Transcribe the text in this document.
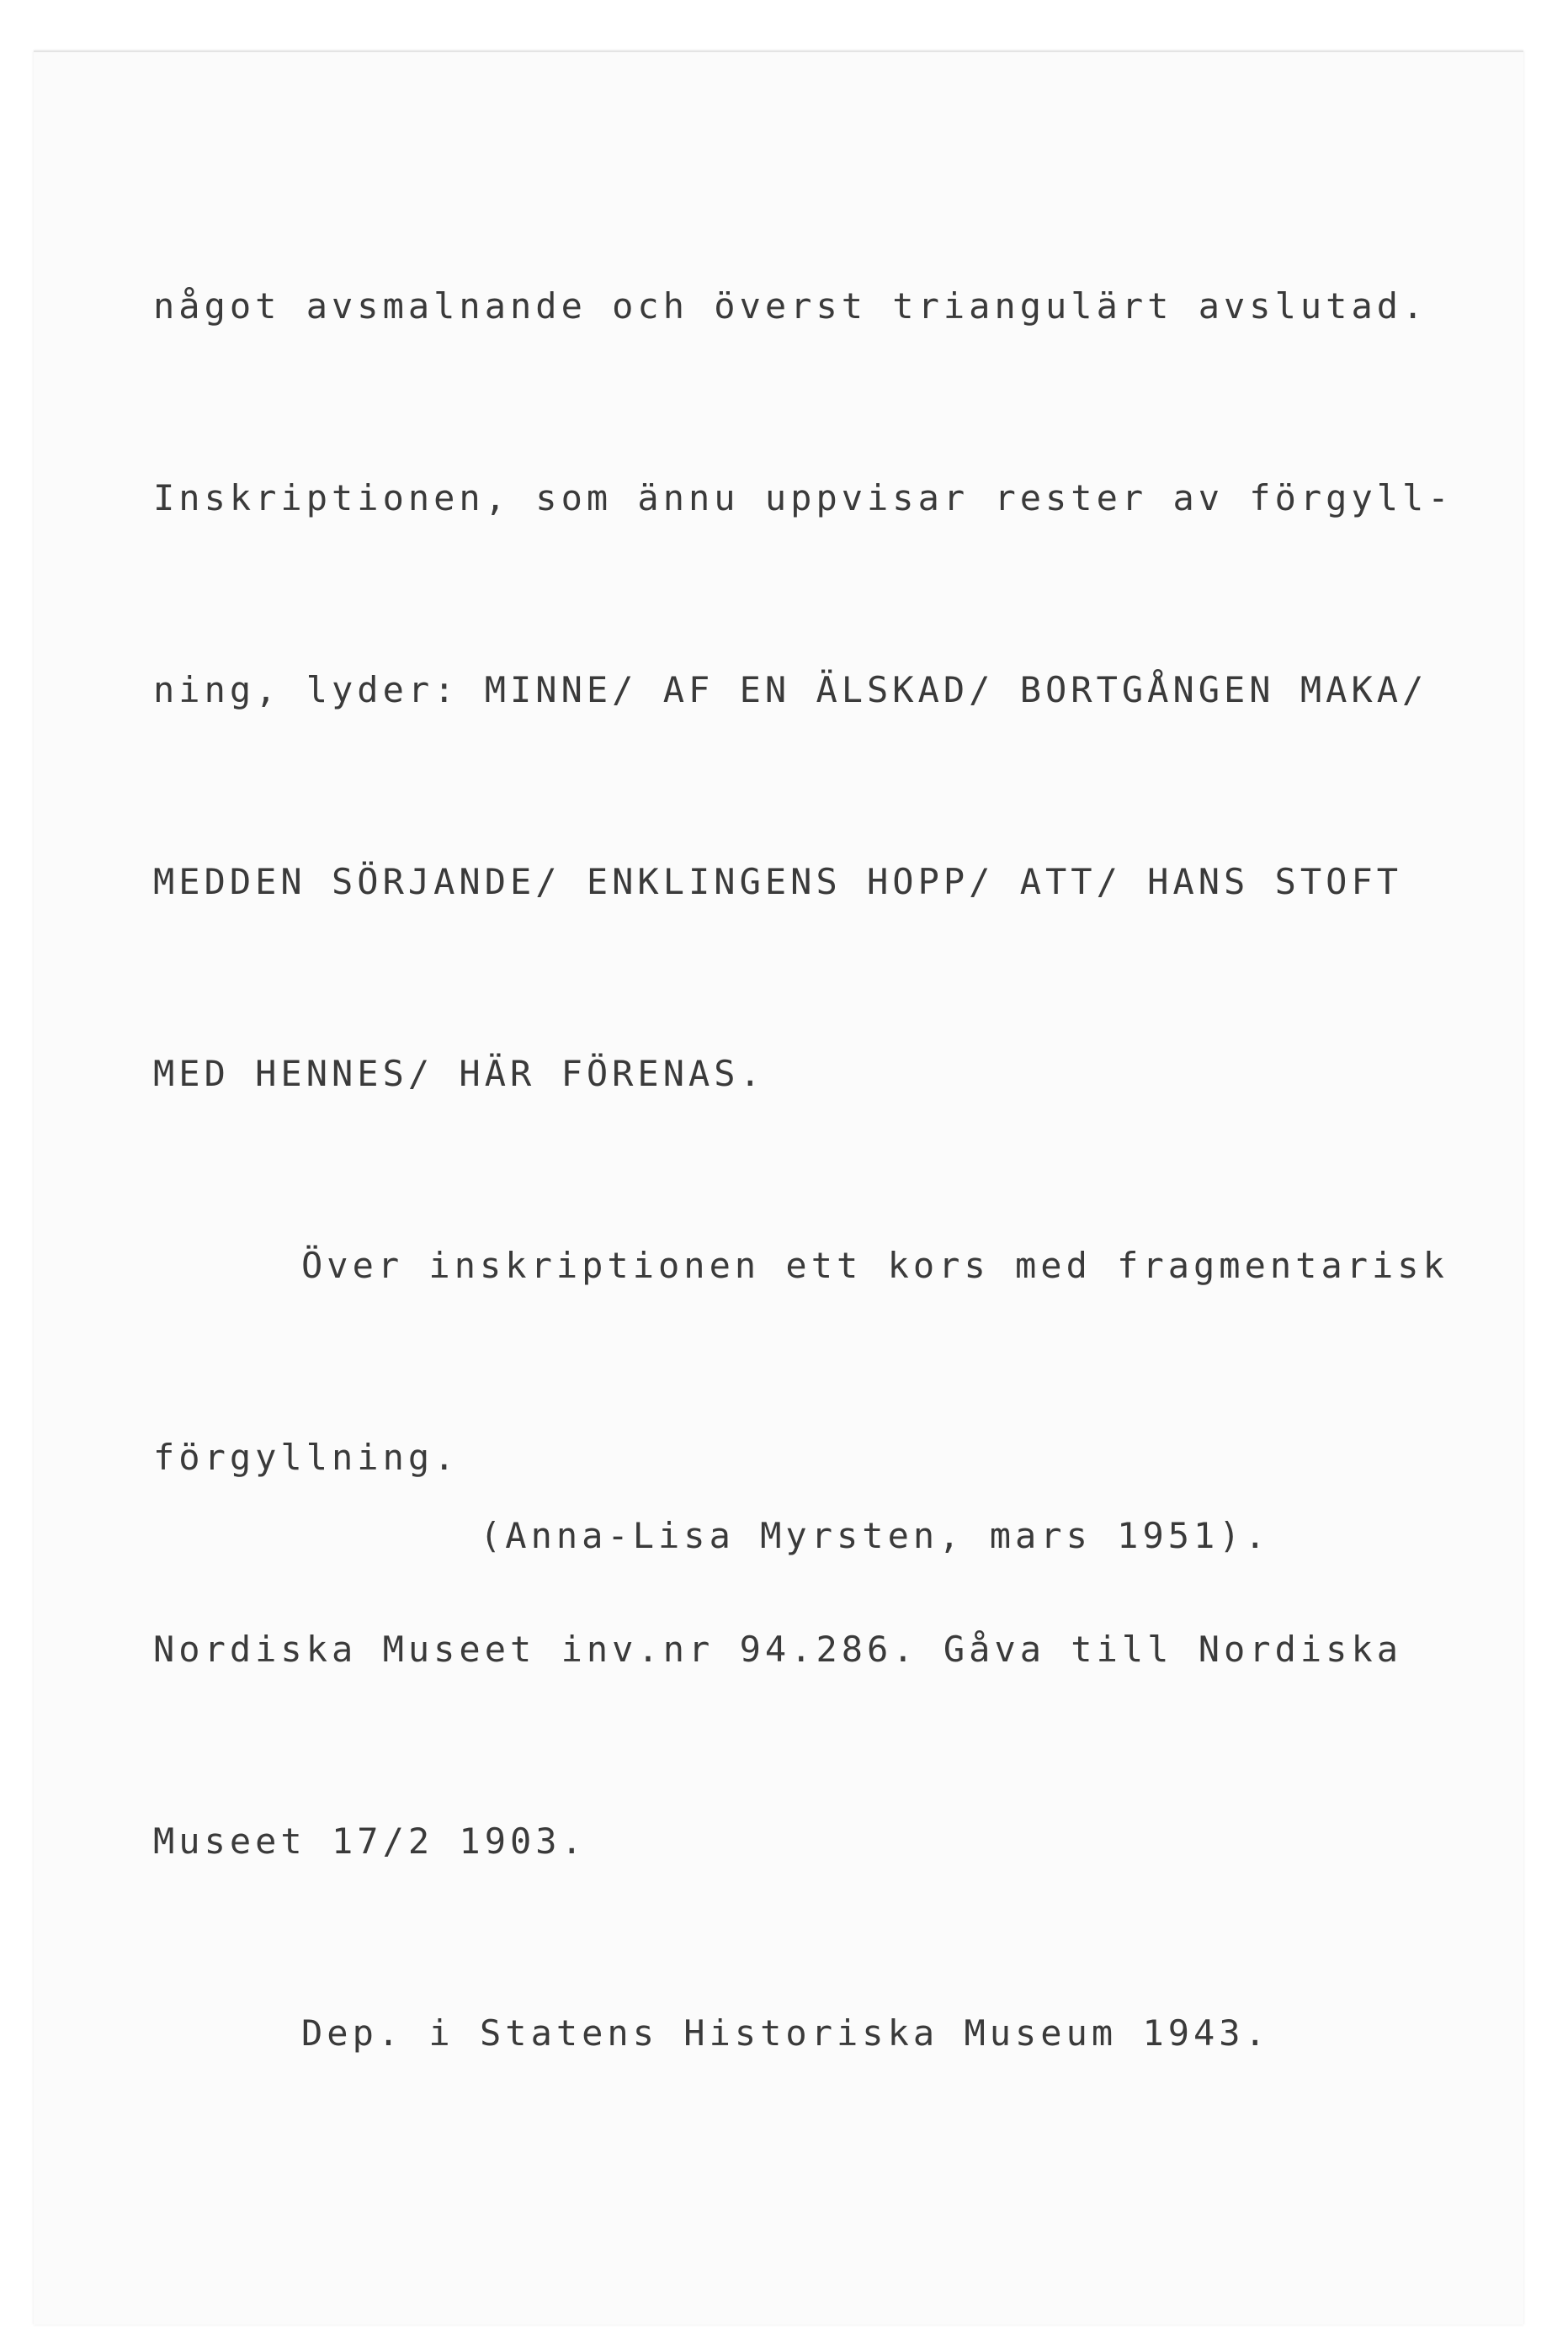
något avsmalnande och överst triangulärt avslutad.

Inskriptionen, som ännu uppvisar rester av förgyll-

ning, lyder: MINNE/ AF EN ÄLSKAD/ BORTGÅNGEN MAKA/

MEDDEN SÖRJANDE/ ENKLINGENS HOPP/ ATT/ HANS STOFT

MED HENNES/ HÄR FÖRENAS.

Över inskriptionen ett kors med fragmentarisk

förgyllning.

Nordiska Museet inv.nr 94.286. Gåva till Nordiska

Museet 17/2 1903.

Dep. i Statens Historiska Museum 1943.

(Anna-Lisa Myrsten, mars 1951).
